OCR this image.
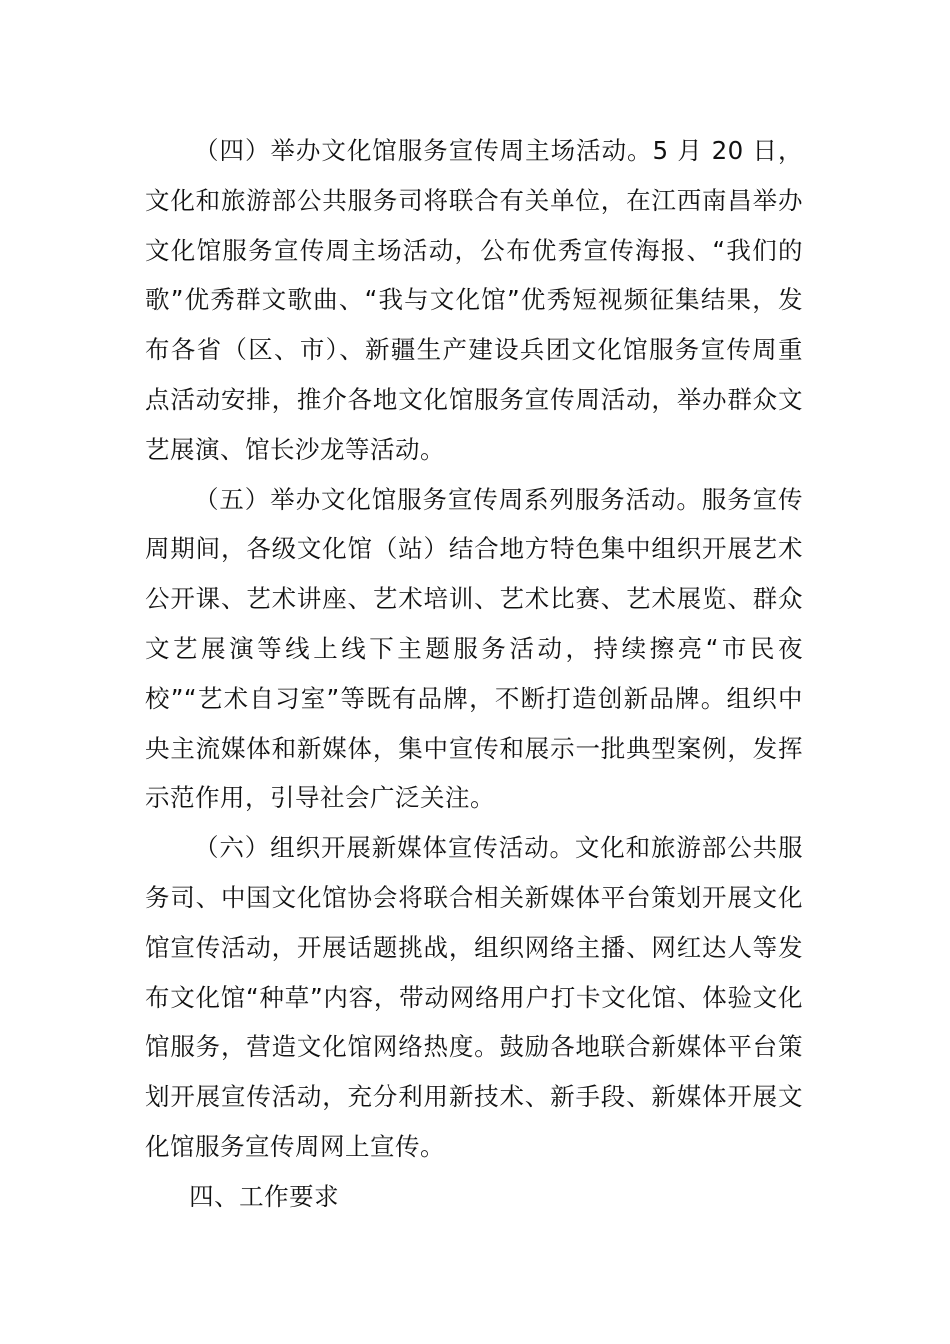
（四）举办文化馆服务宣传周主场活动。5 月 20 日，文化和旅游部公共服务司将联合有关单位，在江西南昌举办文化馆服务宣传周主场活动，公布优秀宣传海报、“我们的歌”优秀群文歌曲、“我与文化馆”优秀短视频征集结果，发布各省（区、市）、新疆生产建设兵团文化馆服务宣传周重点活动安排，推介各地文化馆服务宣传周活动，举办群众文艺展演、馆长沙龙等活动。

（五）举办文化馆服务宣传周系列服务活动。服务宣传周期间，各级文化馆（站）结合地方特色集中组织开展艺术公开课、艺术讲座、艺术培训、艺术比赛、艺术展览、群众文艺展演等线上线下主题服务活动，持续擦亮“市民夜校”“艺术自习室”等既有品牌，不断打造创新品牌。组织中央主流媒体和新媒体，集中宣传和展示一批典型案例，发挥示范作用，引导社会广泛关注。

（六）组织开展新媒体宣传活动。文化和旅游部公共服务司、中国文化馆协会将联合相关新媒体平台策划开展文化馆宣传活动，开展话题挑战，组织网络主播、网红达人等发布文化馆“种草”内容，带动网络用户打卡文化馆、体验文化馆服务，营造文化馆网络热度。鼓励各地联合新媒体平台策划开展宣传活动，充分利用新技术、新手段、新媒体开展文化馆服务宣传周网上宣传。

四、工作要求
